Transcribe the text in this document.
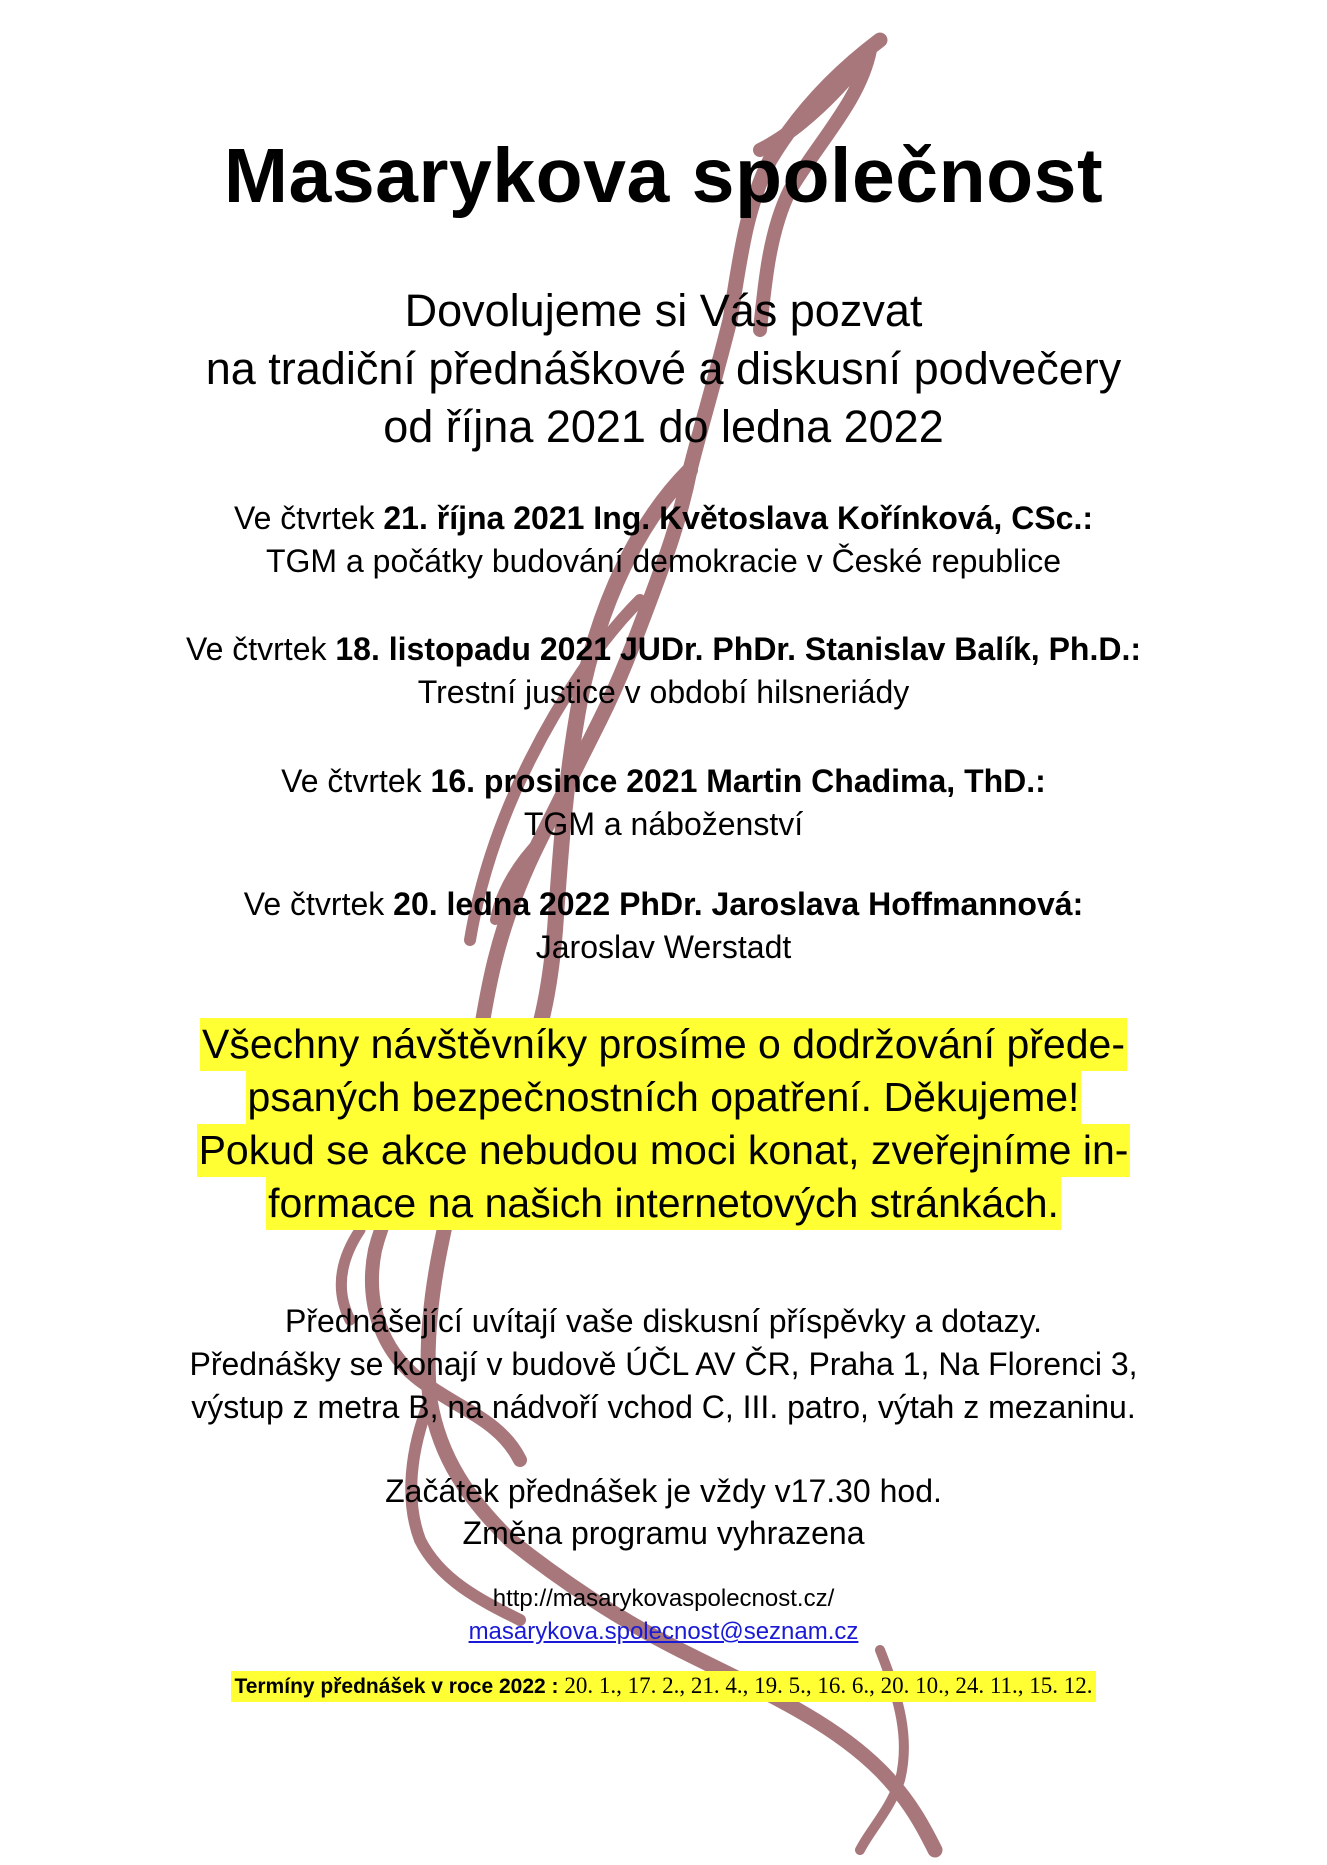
Masarykova společnost
Dovolujeme si Vás pozvat
na tradiční přednáškové a diskusní podvečery
od října 2021 do ledna 2022
Ve čtvrtek 21. října 2021 Ing. Květoslava Kořínková, CSc.:
TGM a počátky budování demokracie v České republice
Ve čtvrtek 18. listopadu 2021 JUDr. PhDr. Stanislav Balík, Ph.D.:
Trestní justice v období hilsneriády
Ve čtvrtek 16. prosince 2021 Martin Chadima, ThD.:
TGM a náboženství
Ve čtvrtek 20. ledna 2022 PhDr. Jaroslava Hoffmannová:
Jaroslav Werstadt
Všechny návštěvníky prosíme o dodržování přede-
psaných bezpečnostních opatření. Děkujeme!
Pokud se akce nebudou moci konat, zveřejníme in-
formace na našich internetových stránkách.
Přednášející uvítají vaše diskusní příspěvky a dotazy.
Přednášky se konají v budově ÚČL AV ČR, Praha 1, Na Florenci 3,
výstup z metra B, na nádvoří vchod C, III. patro, výtah z mezaninu.
Začátek přednášek je vždy v17.30 hod.
Změna programu vyhrazena
http://masarykovaspolecnost.cz/
masarykova.spolecnost@seznam.cz
Termíny přednášek v roce 2022 : 20. 1., 17. 2., 21. 4., 19. 5., 16. 6., 20. 10., 24. 11., 15. 12.
